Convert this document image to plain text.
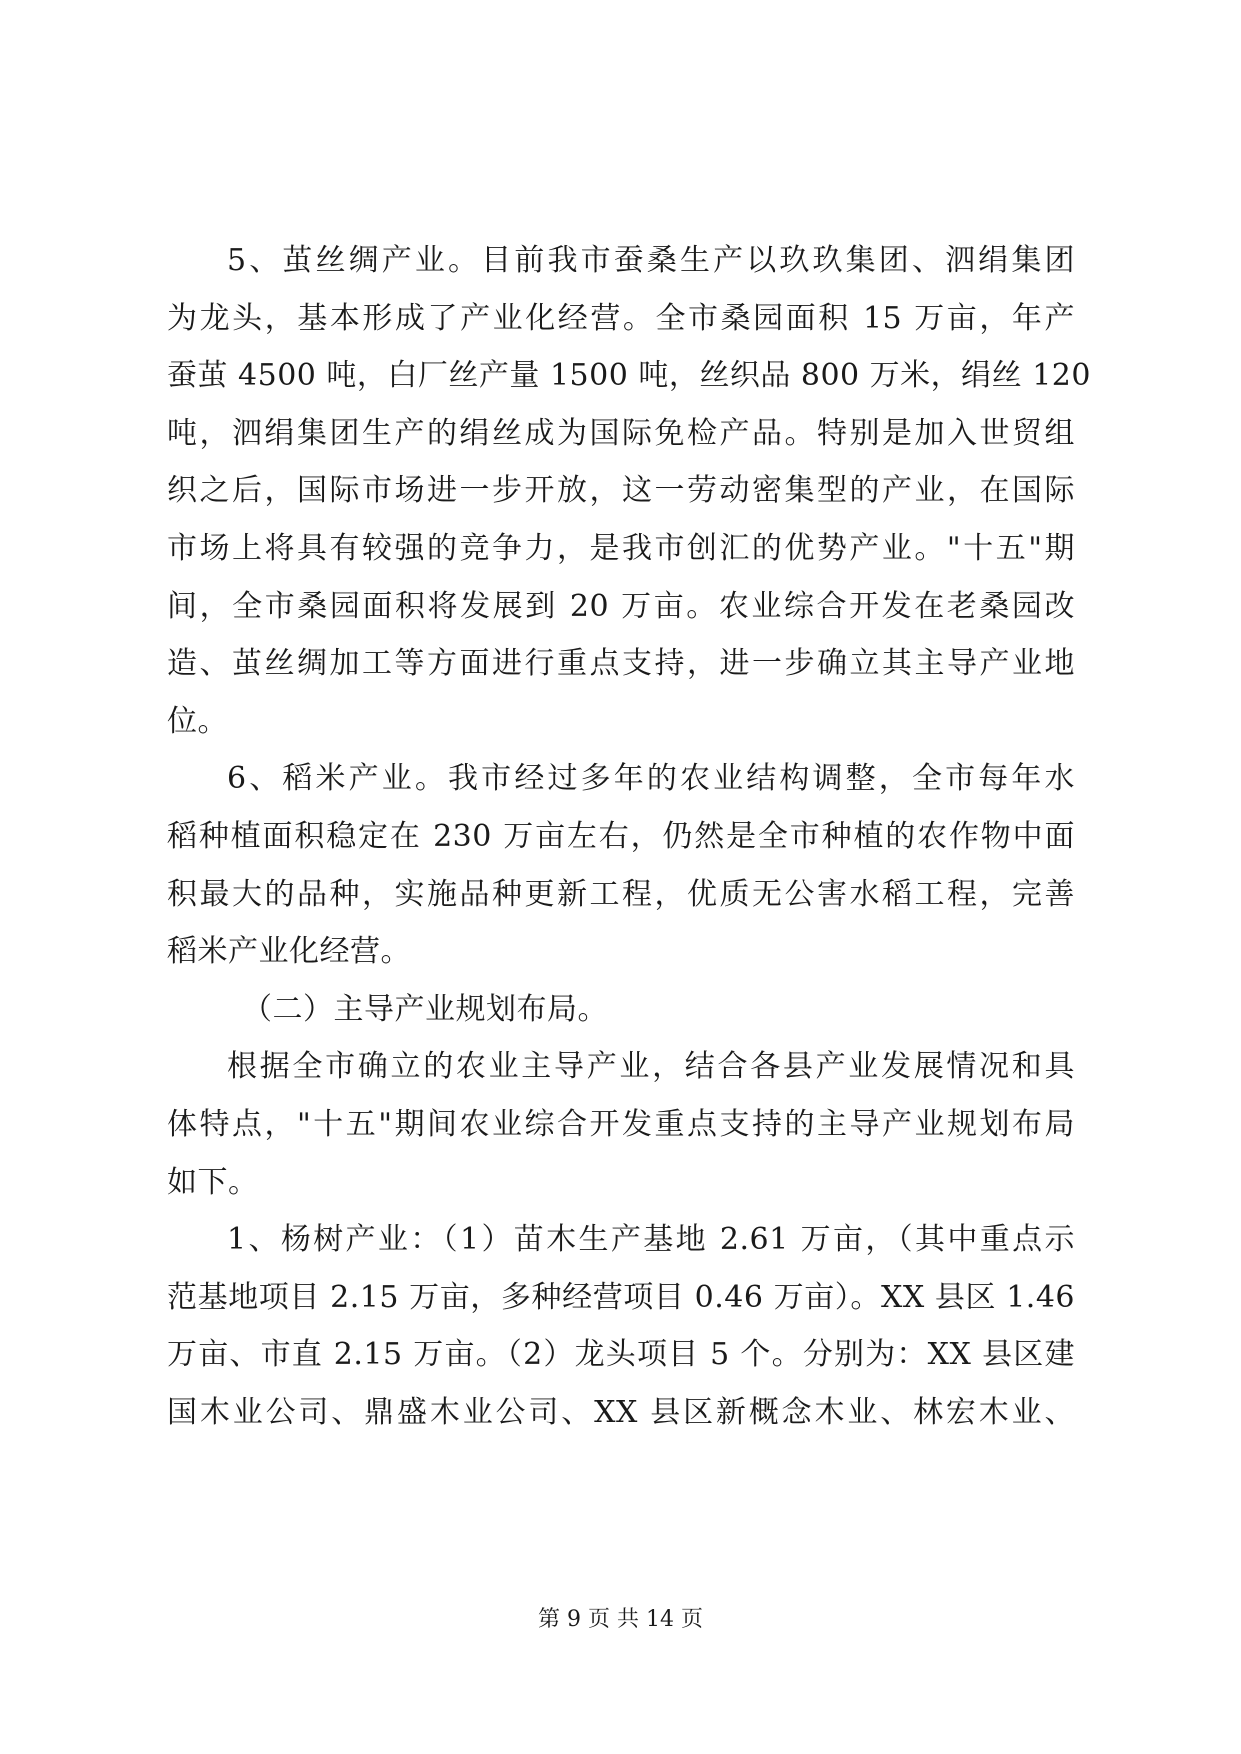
5、茧丝绸产业。目前我市蚕桑生产以玖玖集团、泗绢集团
为龙头，基本形成了产业化经营。全市桑园面积 15 万亩，年产
蚕茧 4500 吨，白厂丝产量 1500 吨，丝织品 800 万米，绢丝 120
吨，泗绢集团生产的绢丝成为国际免检产品。特别是加入世贸组
织之后，国际市场进一步开放，这一劳动密集型的产业，在国际
市场上将具有较强的竞争力，是我市创汇的优势产业。"十五"期
间，全市桑园面积将发展到 20 万亩。农业综合开发在老桑园改
造、茧丝绸加工等方面进行重点支持，进一步确立其主导产业地
位。
6、稻米产业。我市经过多年的农业结构调整，全市每年水
稻种植面积稳定在 230 万亩左右，仍然是全市种植的农作物中面
积最大的品种，实施品种更新工程，优质无公害水稻工程，完善
稻米产业化经营。
（二）主导产业规划布局。
根据全市确立的农业主导产业，结合各县产业发展情况和具
体特点，"十五"期间农业综合开发重点支持的主导产业规划布局
如下。
1、杨树产业：（1）苗木生产基地 2.61 万亩，（其中重点示
范基地项目 2.15 万亩，多种经营项目 0.46 万亩）。XX 县区 1.46
万亩、市直 2.15 万亩。（2）龙头项目 5 个。分别为：XX 县区建
国木业公司、鼎盛木业公司、XX 县区新概念木业、林宏木业、
第 9 页 共 14 页
